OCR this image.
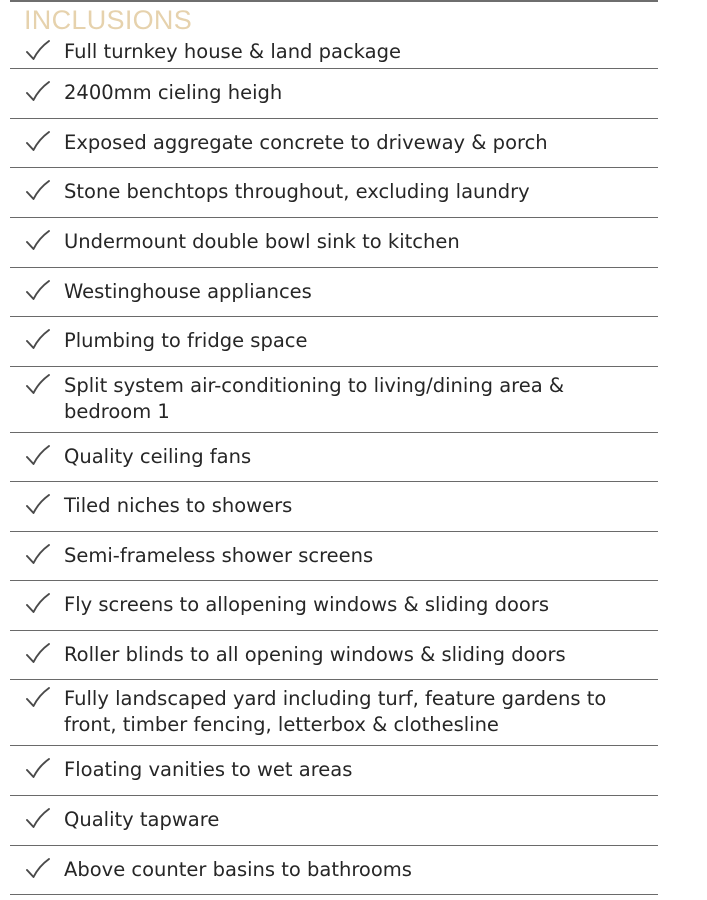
INCLUSIONS
Full turnkey house & land package
2400mm cieling heigh
Exposed aggregate concrete to driveway & porch
Stone benchtops throughout, excluding laundry
Undermount double bowl sink to kitchen
Westinghouse appliances
Plumbing to fridge space
Split system air-conditioning to living/dining area &
bedroom 1
Quality ceiling fans
Tiled niches to showers
Semi-frameless shower screens
Fly screens to allopening windows & sliding doors
Roller blinds to all opening windows & sliding doors
Fully landscaped yard including turf, feature gardens to
front, timber fencing, letterbox & clothesline
Floating vanities to wet areas
Quality tapware
Above counter basins to bathrooms
